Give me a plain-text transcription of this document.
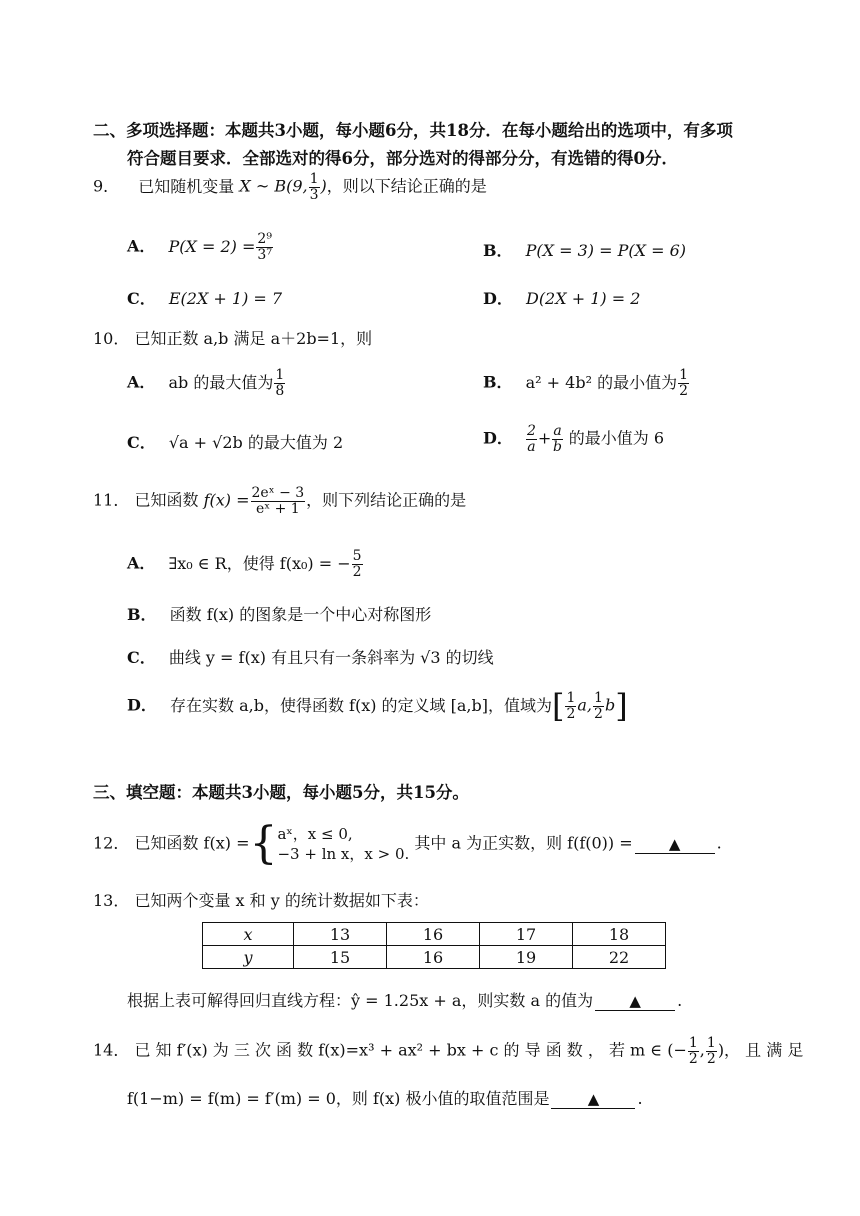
二、多项选择题：本题共3小题，每小题6分，共18分．在每小题给出的选项中，有多项
符合题目要求．全部选对的得6分，部分选对的得部分分，有选错的得0分．
9． 已知随机变量 X ~ B(9, $\frac{1}{3}$ )，则以下结论正确的是
A． $P(X = 2) = \frac{\text{2⁹}}{\text{3⁷}}$	B． P(X = 3) = P(X = 6)
C． E(2X + 1) = 7	D． D(2X + 1) = 2
10． 已知正数 a,b 满足 a＋2b=1，则
A． ab 的最大值为 $\frac{1}{8}$	B． a² + 4b² 的最小值为 $\frac{1}{2}$
C． √a + √2b 的最大值为 2	D． $\frac{2}{a} + \frac{a}{b}$ 的最小值为 6
11． 已知函数 $f(x) = \frac{\text{2eˣ − 3}}{\text{eˣ + 1}}$ ，则下列结论正确的是
A． ∃x₀ ∈ R，使得 f(x₀) = − $\frac{5}{2}$
B． 函数 f(x) 的图象是一个中心对称图形
C． 曲线 y = f(x) 有且只有一条斜率为 √3 的切线
D． 存在实数 a,b，使得函数 f(x) 的定义域 [a,b]，值域为[ $\frac{1}{2} a$, $\frac{1}{2} b$]
三、填空题：本题共3小题，每小题5分，共15分。
12． 已知函数 f(x) ={ aˣ，x ≤ 0,
−3 + ln x，x > 0.
其中 a 为正实数，则 f(f(0)) = ▲ .
13． 已知两个变量 x 和 y 的统计数据如下表：
x	13	16	17	18
y	15	16	19	22
根据上表可解得回归直线方程：ŷ = 1.25x + a，则实数 a 的值为 ▲ .
14． 已 知 f′(x) 为 三 次 函 数 f(x)=x³ + ax² + bx + c 的 导 函 数 ， 若 m ∈ (− $\frac{1}{2}$ , $\frac{1}{2}$ )， 且 满 足
f(1−m) = f(m) = f′(m) = 0，则 f(x) 极小值的取值范围是	▲ .
